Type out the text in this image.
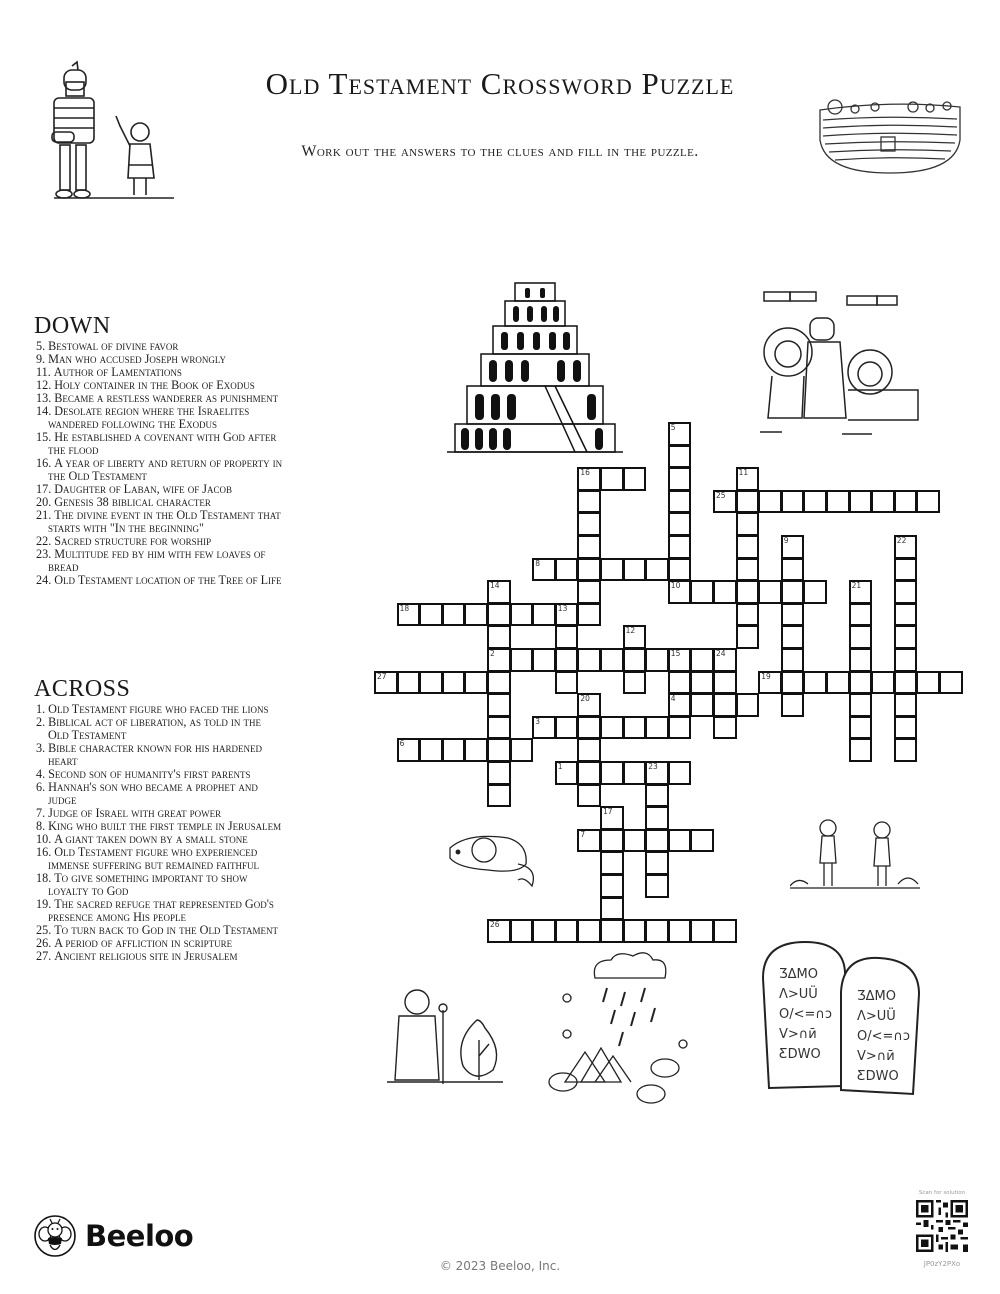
Old Testament Crossword Puzzle
Work out the answers to the clues and fill in the puzzle.
ƷΔMO
Λ>UÜ
O/<=∩ↄ
V>∩ӣ
ƸDWO
ƷΔMO
Λ>UÜ
O/<=∩ↄ
V>∩ӣ
ƸDWO
DOWN
5. Bestowal of divine favor
9. Man who accused Joseph wrongly
11. Author of Lamentations
12. Holy container in the Book of Exodus
13. Became a restless wanderer as punishment
14. Desolate region where the Israelites wandered following the Exodus
15. He established a covenant with God after the flood
16. A year of liberty and return of property in the Old Testament
17. Daughter of Laban, wife of Jacob
20. Genesis 38 biblical character
21. The divine event in the Old Testament that starts with "In the beginning"
22. Sacred structure for worship
23. Multitude fed by him with few loaves of bread
24. Old Testament location of the Tree of Life
ACROSS
1. Old Testament figure who faced the lions
2. Biblical act of liberation, as told in the Old Testament
3. Bible character known for his hardened heart
4. Second son of humanity's first parents
6. Hannah's son who became a prophet and judge
7. Judge of Israel with great power
8. King who built the first temple in Jerusalem
10. A giant taken down by a small stone
16. Old Testament figure who experienced immense suffering but remained faithful
18. To give something important to show loyalty to God
19. The sacred refuge that represented God's presence among His people
25. To turn back to God in the Old Testament
26. A period of affliction in scripture
27. Ancient religious site in Jerusalem
25
8
10
18	13
2	15	24
27	19
4
3
6
1	23
7
26
16
5
11
9	22
21
14
12
20
17
Beeloo
© 2023 Beeloo, Inc.
Scan for solution
JP0zY2PXo
